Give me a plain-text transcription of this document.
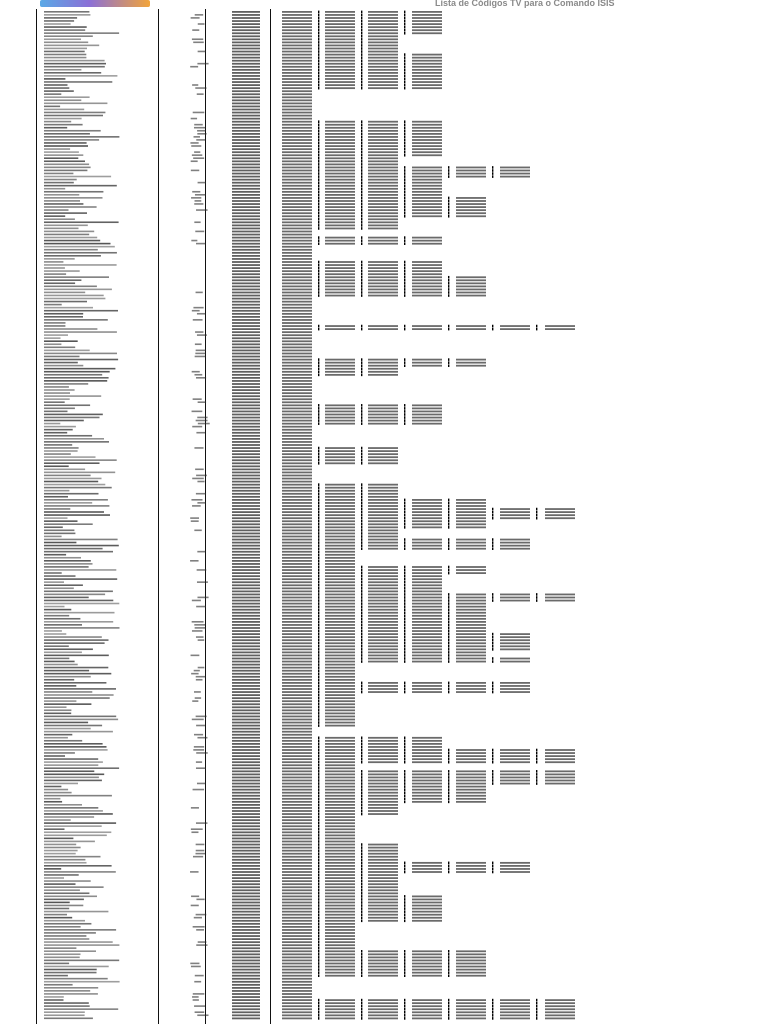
Lista de Códigos TV para o Comando ISIS
